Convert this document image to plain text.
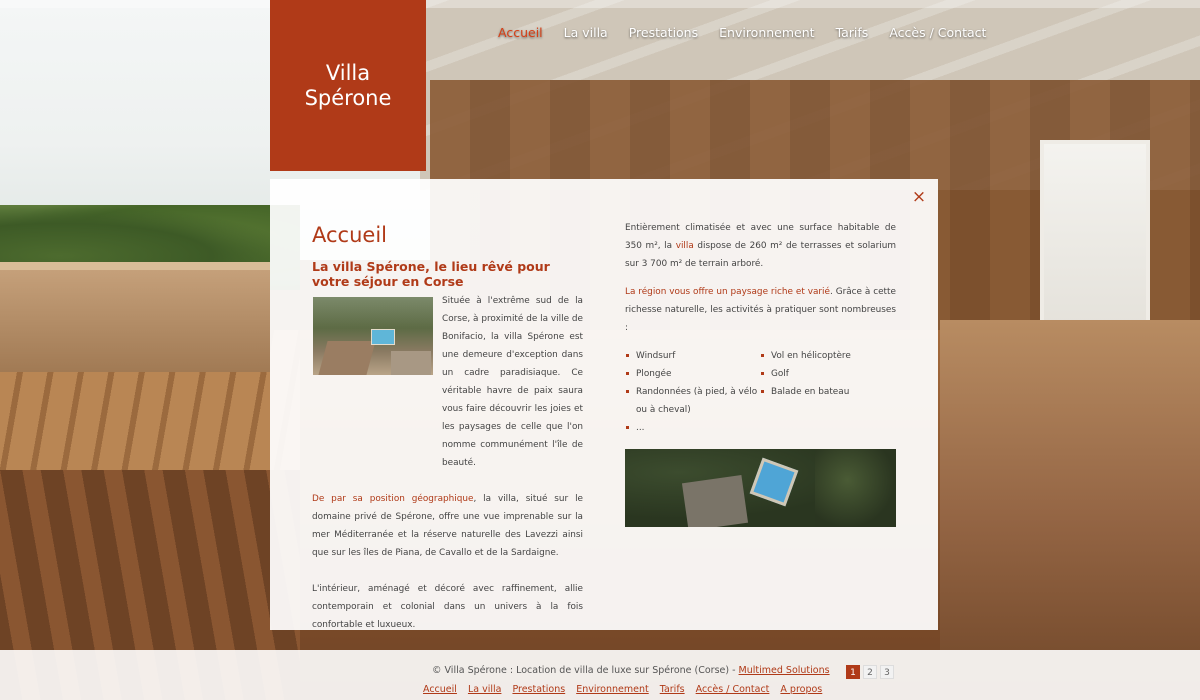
Villa
Spérone
Accueil La villa Prestations Environnement Tarifs Accès / Contact
×
Accueil
La villa Spérone, le lieu rêvé pour votre séjour en Corse

Située à l'extrême sud de la Corse, à proximité de la ville de Bonifacio, la villa Spérone est une demeure d'exception dans un cadre paradisiaque. Ce véritable havre de paix saura vous faire découvrir les joies et les paysages de celle que l'on nomme communément l'île de beauté.

De par sa position géographique, la villa, situé sur le domaine privé de Spérone, offre une vue imprenable sur la mer Méditerranée et la réserve naturelle des Lavezzi ainsi que sur les îles de Piana, de Cavallo et de la Sardaigne.

L'intérieur, aménagé et décoré avec raffinement, allie contemporain et colonial dans un univers à la fois confortable et luxueux.

Entièrement climatisée et avec une surface habitable de 350 m², la villa dispose de 260 m² de terrasses et solarium sur 3 700 m² de terrain arboré.

La région vous offre un paysage riche et varié. Grâce à cette richesse naturelle, les activités à pratiquer sont nombreuses :

Windsurf
Plongée
Randonnées (à pied, à vélo ou à cheval)
...
Vol en hélicoptère
Golf
Balade en bateau
© Villa Spérone : Location de villa de luxe sur Spérone (Corse) - Multimed Solutions
Accueil La villa Prestations Environnement Tarifs Accès / Contact A propos
1	2	3
